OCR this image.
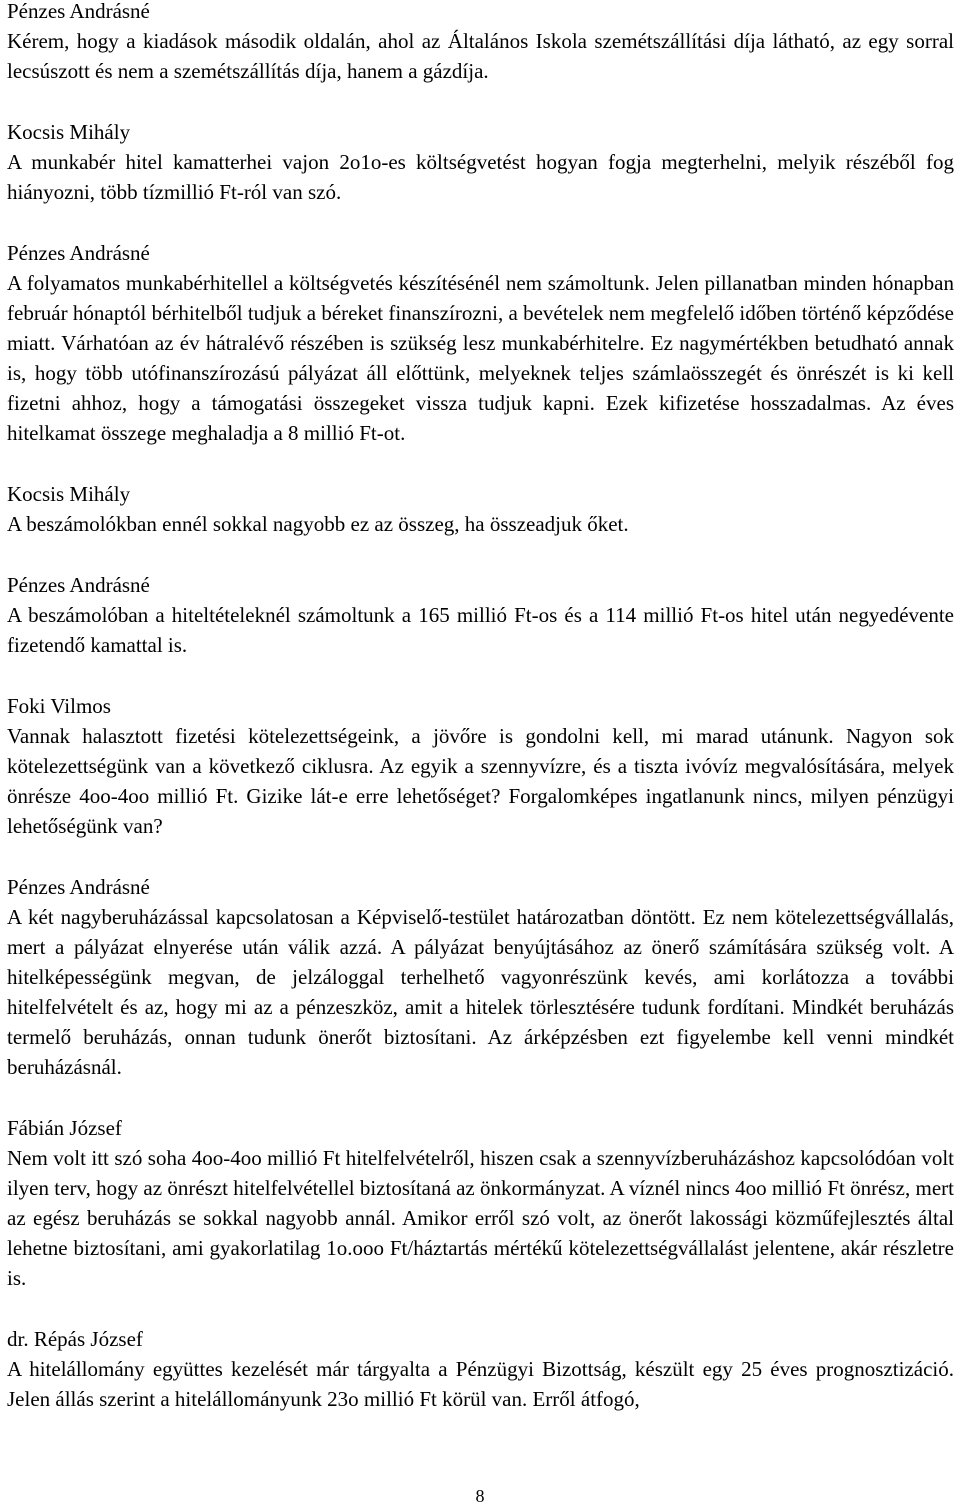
Pénzes Andrásné

Kérem, hogy a kiadások második oldalán, ahol az Általános Iskola szemétszállítási díja látható, az egy sorral lecsúszott és nem a szemétszállítás díja, hanem a gázdíja.

Kocsis Mihály

A munkabér hitel kamatterhei vajon 2o1o-es költségvetést hogyan fogja megterhelni, melyik részéből fog hiányozni, több tízmillió Ft-ról van szó.

Pénzes Andrásné

A folyamatos munkabérhitellel a költségvetés készítésénél nem számoltunk. Jelen pillanatban minden hónapban február hónaptól bérhitelből tudjuk a béreket finanszírozni, a bevételek nem megfelelő időben történő képződése miatt. Várhatóan az év hátralévő részében is szükség lesz munkabérhitelre. Ez nagymértékben betudható annak is, hogy több utófinanszírozású pályázat áll előttünk, melyeknek teljes számlaösszegét és önrészét is ki kell fizetni ahhoz, hogy a támogatási összegeket vissza tudjuk kapni. Ezek kifizetése hosszadalmas. Az éves hitelkamat összege meghaladja a 8 millió Ft-ot.

Kocsis Mihály

A beszámolókban ennél sokkal nagyobb ez az összeg, ha összeadjuk őket.

Pénzes Andrásné

A beszámolóban a hiteltételeknél számoltunk a 165 millió Ft-os és a 114 millió Ft-os hitel után negyedévente fizetendő kamattal is.

Foki Vilmos

Vannak halasztott fizetési kötelezettségeink, a jövőre is gondolni kell, mi marad utánunk. Nagyon sok kötelezettségünk van a következő ciklusra. Az egyik a szennyvízre, és a tiszta ivóvíz megvalósítására, melyek önrésze 4oo-4oo millió Ft. Gizike lát-e erre lehetőséget? Forgalomképes ingatlanunk nincs, milyen pénzügyi lehetőségünk van?

Pénzes Andrásné

A két nagyberuházással kapcsolatosan a Képviselő-testület határozatban döntött. Ez nem kötelezettségvállalás, mert a pályázat elnyerése után válik azzá. A pályázat benyújtásához az önerő számítására szükség volt. A hitelképességünk megvan, de jelzáloggal terhelhető vagyonrészünk kevés, ami korlátozza a további hitelfelvételt és az, hogy mi az a pénzeszköz, amit a hitelek törlesztésére tudunk fordítani. Mindkét beruházás termelő beruházás, onnan tudunk önerőt biztosítani. Az árképzésben ezt figyelembe kell venni mindkét beruházásnál.

Fábián József

Nem volt itt szó soha 4oo-4oo millió Ft hitelfelvételről, hiszen csak a szennyvízberuházáshoz kapcsolódóan volt ilyen terv, hogy az önrészt hitelfelvétellel biztosítaná az önkormányzat. A víznél nincs 4oo millió Ft önrész, mert az egész beruházás se sokkal nagyobb annál. Amikor erről szó volt, az önerőt lakossági közműfejlesztés által lehetne biztosítani, ami gyakorlatilag 1o.ooo Ft/háztartás mértékű kötelezettségvállalást jelentene, akár részletre is.

dr. Répás József

A hitelállomány együttes kezelését már tárgyalta a Pénzügyi Bizottság, készült egy 25 éves prognosztizáció. Jelen állás szerint a hitelállományunk 23o millió Ft körül van. Erről átfogó,

8
